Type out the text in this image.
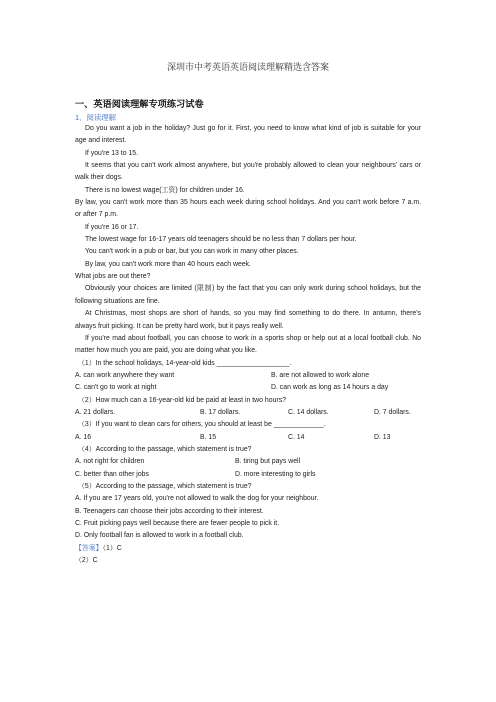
深圳市中考英语英语阅读理解精选含答案
一、英语阅读理解专项练习试卷
1．阅读理解

Do you want a job in the holiday? Just go for it. First, you need to know what kind of job is suitable for your age and interest.

If you're 13 to 15.

It seems that you can't work almost anywhere, but you're probably allowed to clean your neighbours' cars or walk their dogs.

There is no lowest wage(工资) for children under 16.

By law, you can't work more than 35 hours each week during school holidays. And you can't work before 7 a.m. or after 7 p.m.

If you're 16 or 17.

The lowest wage for 16-17 years old teenagers should be no less than 7 dollars per hour.

You can't work in a pub or bar, but you can work in many other places.

By law, you can't work more than 40 hours each week.

What jobs are out there?

Obviously your choices are limited (限制) by the fact that you can only work during school holidays, but the following situations are fine.

At Christmas, most shops are short of hands, so you may find something to do there. In antumn, there's always fruit picking. It can be pretty hard work, but it pays really well.

If you're mad about football, you can choose to work in a sports shop or help out at a local football club. No matter how much you are paid, you are doing what you like.

（1）In the school holidays, 14-year-old kids ___________________.

A. can work anywhere they want	B. are not allowed to work alone
C. can't go to work at night	D. can work as long as 14 hours a day

（2）How much can a 16-year-old kid be paid at least in two hours?

A. 21 dollars.	B. 17 dollars.	C. 14 dollars.	D. 7 dollars.

（3）If you want to clean cars for others, you should at least be _____________.

A. 16	B. 15	C. 14	D. 13

（4）According to the passage, which statement is true?

A. not right for children	B. tiring but pays well
C. better than other jobs	D. more interesting to girls

（5）According to the passage, which statement is true?

A. If you are 17 years old, you're not allowed to walk the dog for your neighbour.

B. Teenagers can choose their jobs according to their interest.

C. Fruit picking pays well because there are fewer people to pick it.

D. Only football fan is allowed to work in a football club.

【答案】（1）C

（2）C
